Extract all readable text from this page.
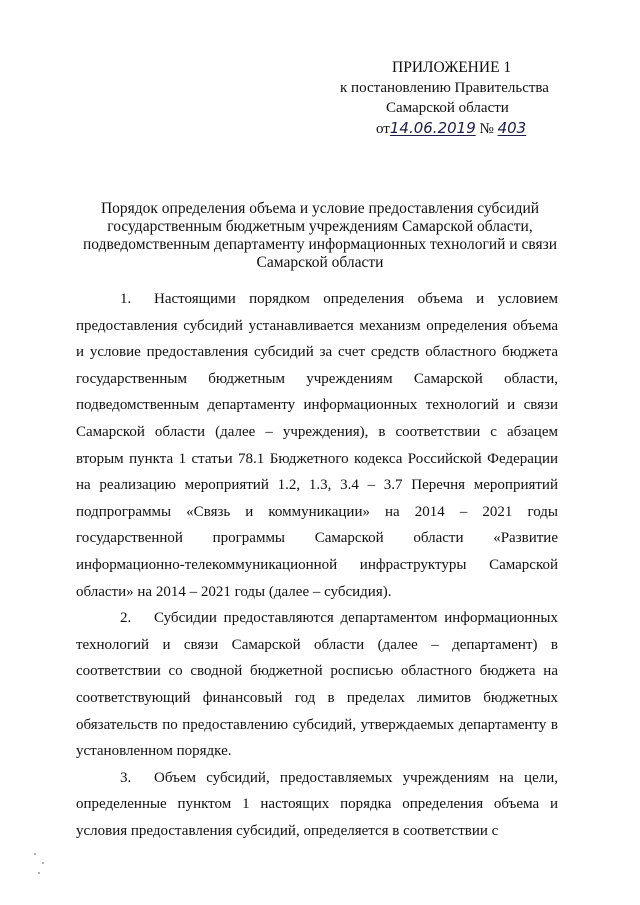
ПРИЛОЖЕНИЕ 1
к постановлению Правительства
Самарской области
от14.06.2019 № 403
Порядок определения объема и условие предоставления субсидий
государственным бюджетным учреждениям Самарской области,
подведомственным департаменту информационных технологий и связи
Самарской области

1. Настоящими порядком определения объема и условием предоставления субсидий устанавливается механизм определения объема и условие предоставления субсидий за счет средств областного бюджета государственным бюджетным учреждениям Самарской области, подведомственным департаменту информационных технологий и связи Самарской области (далее – учреждения), в соответствии с абзацем вторым пункта 1 статьи 78.1 Бюджетного кодекса Российской Федерации на реализацию мероприятий 1.2, 1.3, 3.4 – 3.7 Перечня мероприятий подпрограммы «Связь и коммуникации» на 2014 – 2021 годы государственной программы Самарской области «Развитие информационно-телекоммуникационной инфраструктуры Самарской области» на 2014 – 2021 годы (далее – субсидия).

2. Субсидии предоставляются департаментом информационных технологий и связи Самарской области (далее – департамент) в соответствии со сводной бюджетной росписью областного бюджета на соответствующий финансовый год в пределах лимитов бюджетных обязательств по предоставлению субсидий, утверждаемых департаменту в установленном порядке.

3. Объем субсидий, предоставляемых учреждениям на цели, определенные пунктом 1 настоящих порядка определения объема и условия предоставления субсидий, определяется в соответствии с
